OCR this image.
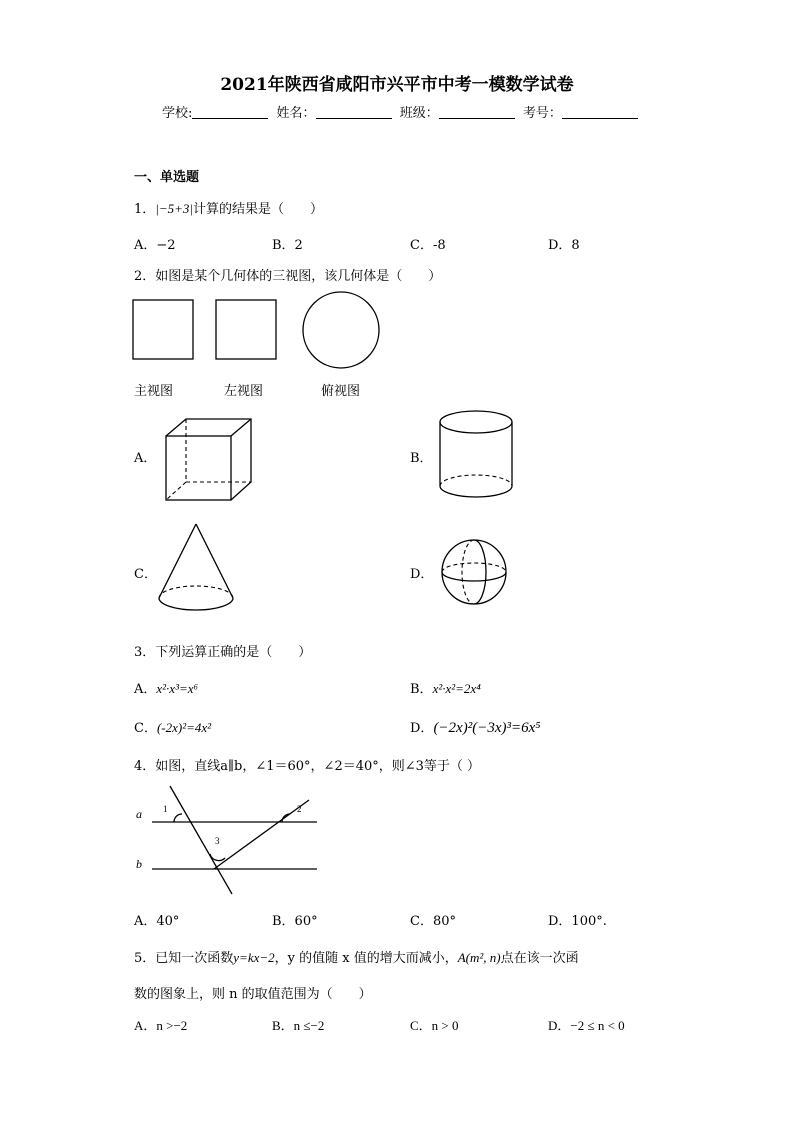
2021年陕西省咸阳市兴平市中考一模数学试卷
学校:	姓名：	班级：	考号：
一、单选题
1．|−5+3|计算的结果是（　　）
A．−2	B．2	C．-8	D．8
2．如图是某个几何体的三视图，该几何体是（　　）
主视图	左视图	俯视图
A．	B．
C．	D．
3．下列运算正确的是（　　）
A．x²·x³=x⁶	B．x²·x²=2x⁴
C．(-2x)²=4x²	D．(−2x)²(−3x)³=6x⁵
4．如图，直线a∥b，∠1＝60°，∠2＝40°，则∠3等于（ ）
a
b
1	2
3
A．40°	B．60°	C．80°	D．100°.
5．已知一次函数y=kx−2，y 的值随 x 值的增大而减小，A(m², n)点在该一次函
数的图象上，则 n 的取值范围为（　　）
A．n >−2	B．n ≤−2	C．n > 0	D．−2 ≤ n < 0
